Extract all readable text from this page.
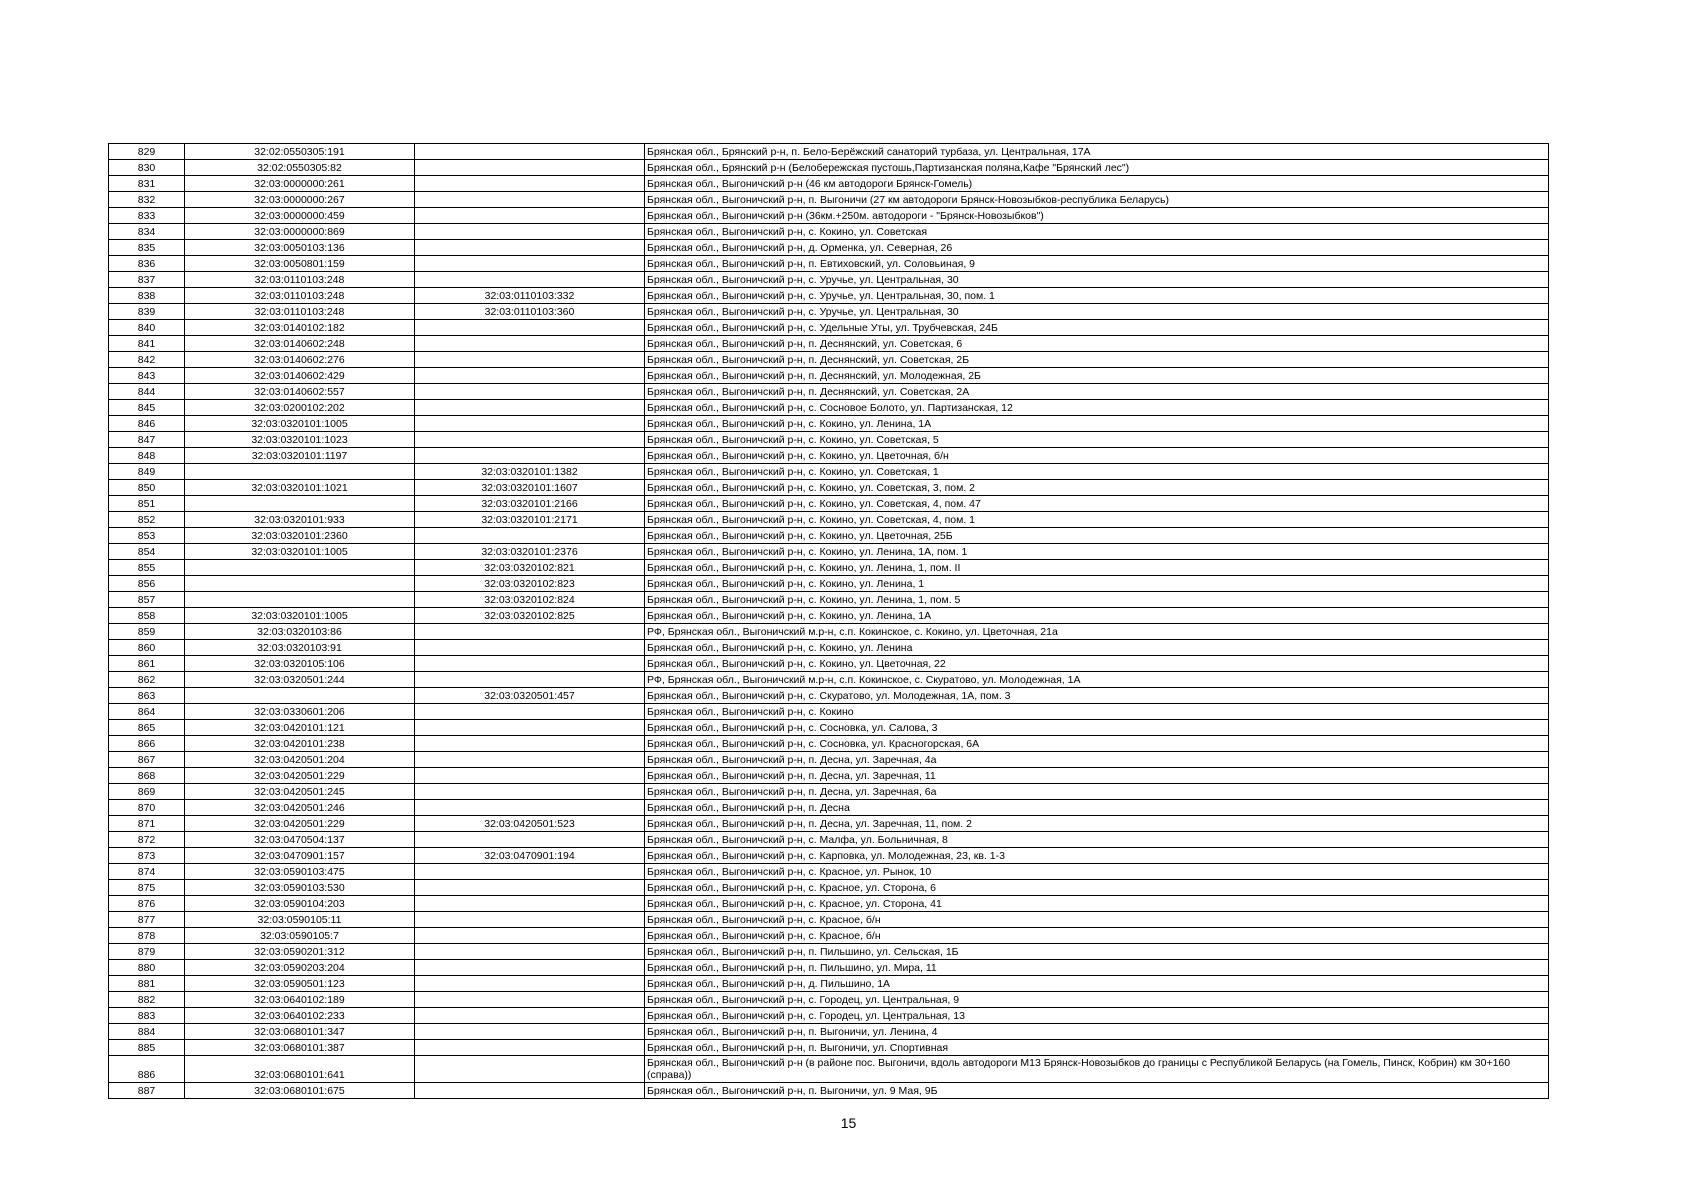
829	32:02:0550305:191		Брянская обл., Брянский р-н, п. Бело-Берёжский санаторий турбаза, ул. Центральная, 17А
830	32:02:0550305:82		Брянская обл., Брянский р-н (Белобережская пустошь,Партизанская поляна,Кафе "Брянский лес")
831	32:03:0000000:261		Брянская обл., Выгоничский р-н (46 км автодороги Брянск-Гомель)
832	32:03:0000000:267		Брянская обл., Выгоничский р-н, п. Выгоничи (27 км автодороги Брянск-Новозыбков-республика Беларусь)
833	32:03:0000000:459		Брянская обл., Выгоничский р-н (36км.+250м. автодороги - "Брянск-Новозыбков")
834	32:03:0000000:869		Брянская обл., Выгоничский р-н, с. Кокино, ул. Советская
835	32:03:0050103:136		Брянская обл., Выгоничский р-н, д. Орменка, ул. Северная, 26
836	32:03:0050801:159		Брянская обл., Выгоничский р-н, п. Евтиховский, ул. Соловьиная, 9
837	32:03:0110103:248		Брянская обл., Выгоничский р-н, с. Уручье, ул. Центральная, 30
838	32:03:0110103:248	32:03:0110103:332	Брянская обл., Выгоничский р-н, с. Уручье, ул. Центральная, 30, пом. 1
839	32:03:0110103:248	32:03:0110103:360	Брянская обл., Выгоничский р-н, с. Уручье, ул. Центральная, 30
840	32:03:0140102:182		Брянская обл., Выгоничский р-н, с. Удельные Уты, ул. Трубчевская, 24Б
841	32:03:0140602:248		Брянская обл., Выгоничский р-н, п. Деснянский, ул. Советская, 6
842	32:03:0140602:276		Брянская обл., Выгоничский р-н, п. Деснянский, ул. Советская, 2Б
843	32:03:0140602:429		Брянская обл., Выгоничский р-н, п. Деснянский, ул. Молодежная, 2Б
844	32:03:0140602:557		Брянская обл., Выгоничский р-н, п. Деснянский, ул. Советская, 2А
845	32:03:0200102:202		Брянская обл., Выгоничский р-н, с. Сосновое Болото, ул. Партизанская, 12
846	32:03:0320101:1005		Брянская обл., Выгоничский р-н, с. Кокино, ул. Ленина, 1А
847	32:03:0320101:1023		Брянская обл., Выгоничский р-н, с. Кокино, ул. Советская, 5
848	32:03:0320101:1197		Брянская обл., Выгоничский р-н, с. Кокино, ул. Цветочная, б/н
849		32:03:0320101:1382	Брянская обл., Выгоничский р-н, с. Кокино, ул. Советская, 1
850	32:03:0320101:1021	32:03:0320101:1607	Брянская обл., Выгоничский р-н, с. Кокино, ул. Советская, 3, пом. 2
851		32:03:0320101:2166	Брянская обл., Выгоничский р-н, с. Кокино, ул. Советская, 4, пом. 47
852	32:03:0320101:933	32:03:0320101:2171	Брянская обл., Выгоничский р-н, с. Кокино, ул. Советская, 4, пом. 1
853	32:03:0320101:2360		Брянская обл., Выгоничский р-н, с. Кокино, ул. Цветочная, 25Б
854	32:03:0320101:1005	32:03:0320101:2376	Брянская обл., Выгоничский р-н, с. Кокино, ул. Ленина, 1А, пом. 1
855		32:03:0320102:821	Брянская обл., Выгоничский р-н, с. Кокино, ул. Ленина, 1, пом. II
856		32:03:0320102:823	Брянская обл., Выгоничский р-н, с. Кокино, ул. Ленина, 1
857		32:03:0320102:824	Брянская обл., Выгоничский р-н, с. Кокино, ул. Ленина, 1, пом. 5
858	32:03:0320101:1005	32:03:0320102:825	Брянская обл., Выгоничский р-н, с. Кокино, ул. Ленина, 1А
859	32:03:0320103:86		РФ, Брянская обл., Выгоничский м.р-н, с.п. Кокинское, с. Кокино, ул. Цветочная, 21а
860	32:03:0320103:91		Брянская обл., Выгоничский р-н, с. Кокино, ул. Ленина
861	32:03:0320105:106		Брянская обл., Выгоничский р-н, с. Кокино, ул. Цветочная, 22
862	32:03:0320501:244		РФ, Брянская обл., Выгоничский м.р-н, с.п. Кокинское, с. Скуратово, ул. Молодежная, 1А
863		32:03:0320501:457	Брянская обл., Выгоничский р-н, с. Скуратово, ул. Молодежная, 1А, пом. 3
864	32:03:0330601:206		Брянская обл., Выгоничский р-н, с. Кокино
865	32:03:0420101:121		Брянская обл., Выгоничский р-н, с. Сосновка, ул. Салова, 3
866	32:03:0420101:238		Брянская обл., Выгоничский р-н, с. Сосновка, ул. Красногорская, 6А
867	32:03:0420501:204		Брянская обл., Выгоничский р-н, п. Десна, ул. Заречная, 4а
868	32:03:0420501:229		Брянская обл., Выгоничский р-н, п. Десна, ул. Заречная, 11
869	32:03:0420501:245		Брянская обл., Выгоничский р-н, п. Десна, ул. Заречная, 6а
870	32:03:0420501:246		Брянская обл., Выгоничский р-н, п. Десна
871	32:03:0420501:229	32:03:0420501:523	Брянская обл., Выгоничский р-н, п. Десна, ул. Заречная, 11, пом. 2
872	32:03:0470504:137		Брянская обл., Выгоничский р-н, с. Малфа, ул. Больничная, 8
873	32:03:0470901:157	32:03:0470901:194	Брянская обл., Выгоничский р-н, с. Карповка, ул. Молодежная, 23, кв. 1-3
874	32:03:0590103:475		Брянская обл., Выгоничский р-н, с. Красное, ул. Рынок, 10
875	32:03:0590103:530		Брянская обл., Выгоничский р-н, с. Красное, ул. Сторона, 6
876	32:03:0590104:203		Брянская обл., Выгоничский р-н, с. Красное, ул. Сторона, 41
877	32:03:0590105:11		Брянская обл., Выгоничский р-н, с. Красное, б/н
878	32:03:0590105:7		Брянская обл., Выгоничский р-н, с. Красное, б/н
879	32:03:0590201:312		Брянская обл., Выгоничский р-н, п. Пильшино, ул. Сельская, 1Б
880	32:03:0590203:204		Брянская обл., Выгоничский р-н, п. Пильшино, ул. Мира, 11
881	32:03:0590501:123		Брянская обл., Выгоничский р-н, д. Пильшино, 1А
882	32:03:0640102:189		Брянская обл., Выгоничский р-н, с. Городец, ул. Центральная, 9
883	32:03:0640102:233		Брянская обл., Выгоничский р-н, с. Городец, ул. Центральная, 13
884	32:03:0680101:347		Брянская обл., Выгоничский р-н, п. Выгоничи, ул. Ленина, 4
885	32:03:0680101:387		Брянская обл., Выгоничский р-н, п. Выгоничи, ул. Спортивная
886	32:03:0680101:641		Брянская обл., Выгоничский р-н (в районе пос. Выгоничи, вдоль автодороги М13 Брянск-Новозыбков до границы с Республикой Беларусь (на Гомель, Пинск, Кобрин) км 30+160 (справа))
887	32:03:0680101:675		Брянская обл., Выгоничский р-н, п. Выгоничи, ул. 9 Мая, 9Б
15
